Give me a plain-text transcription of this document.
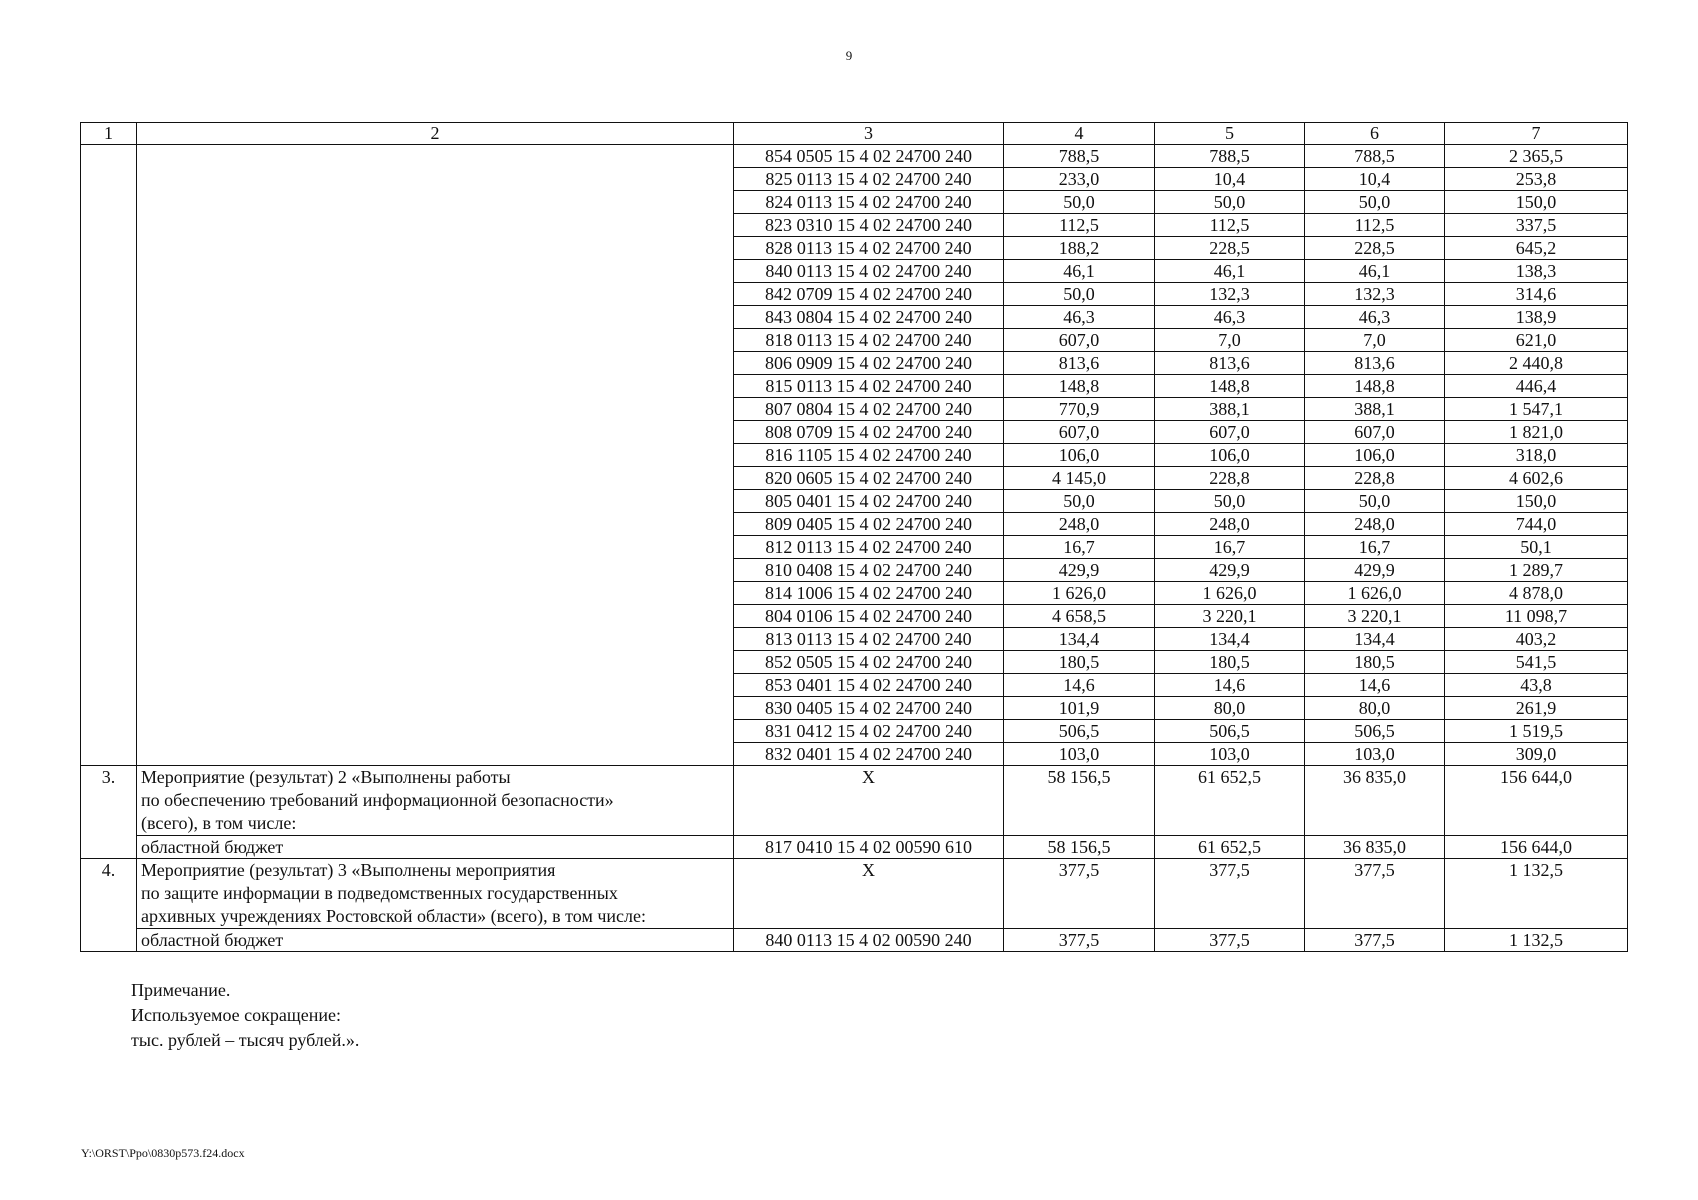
9
1	2	3	4	5	6	7
		854 0505 15 4 02 24700 240	788,5	788,5	788,5	2 365,5
		825 0113 15 4 02 24700 240	233,0	10,4	10,4	253,8
		824 0113 15 4 02 24700 240	50,0	50,0	50,0	150,0
		823 0310 15 4 02 24700 240	112,5	112,5	112,5	337,5
		828 0113 15 4 02 24700 240	188,2	228,5	228,5	645,2
		840 0113 15 4 02 24700 240	46,1	46,1	46,1	138,3
		842 0709 15 4 02 24700 240	50,0	132,3	132,3	314,6
		843 0804 15 4 02 24700 240	46,3	46,3	46,3	138,9
		818 0113 15 4 02 24700 240	607,0	7,0	7,0	621,0
		806 0909 15 4 02 24700 240	813,6	813,6	813,6	2 440,8
		815 0113 15 4 02 24700 240	148,8	148,8	148,8	446,4
		807 0804 15 4 02 24700 240	770,9	388,1	388,1	1 547,1
		808 0709 15 4 02 24700 240	607,0	607,0	607,0	1 821,0
		816 1105 15 4 02 24700 240	106,0	106,0	106,0	318,0
		820 0605 15 4 02 24700 240	4 145,0	228,8	228,8	4 602,6
		805 0401 15 4 02 24700 240	50,0	50,0	50,0	150,0
		809 0405 15 4 02 24700 240	248,0	248,0	248,0	744,0
		812 0113 15 4 02 24700 240	16,7	16,7	16,7	50,1
		810 0408 15 4 02 24700 240	429,9	429,9	429,9	1 289,7
		814 1006 15 4 02 24700 240	1 626,0	1 626,0	1 626,0	4 878,0
		804 0106 15 4 02 24700 240	4 658,5	3 220,1	3 220,1	11 098,7
		813 0113 15 4 02 24700 240	134,4	134,4	134,4	403,2
		852 0505 15 4 02 24700 240	180,5	180,5	180,5	541,5
		853 0401 15 4 02 24700 240	14,6	14,6	14,6	43,8
		830 0405 15 4 02 24700 240	101,9	80,0	80,0	261,9
		831 0412 15 4 02 24700 240	506,5	506,5	506,5	1 519,5
		832 0401 15 4 02 24700 240	103,0	103,0	103,0	309,0
3.	Мероприятие (результат) 2 «Выполнены работы
по обеспечению требований информационной безопасности»
(всего), в том числе:	X	58 156,5	61 652,5	36 835,0	156 644,0
	областной бюджет	817 0410 15 4 02 00590 610	58 156,5	61 652,5	36 835,0	156 644,0
4.	Мероприятие (результат) 3 «Выполнены мероприятия
по защите информации в подведомственных государственных
архивных учреждениях Ростовской области» (всего), в том числе:	X	377,5	377,5	377,5	1 132,5
	областной бюджет	840 0113 15 4 02 00590 240	377,5	377,5	377,5	1 132,5
Примечание.
Используемое сокращение:
тыс. рублей – тысяч рублей.».
Y:\ORST\Ppo\0830p573.f24.docx
